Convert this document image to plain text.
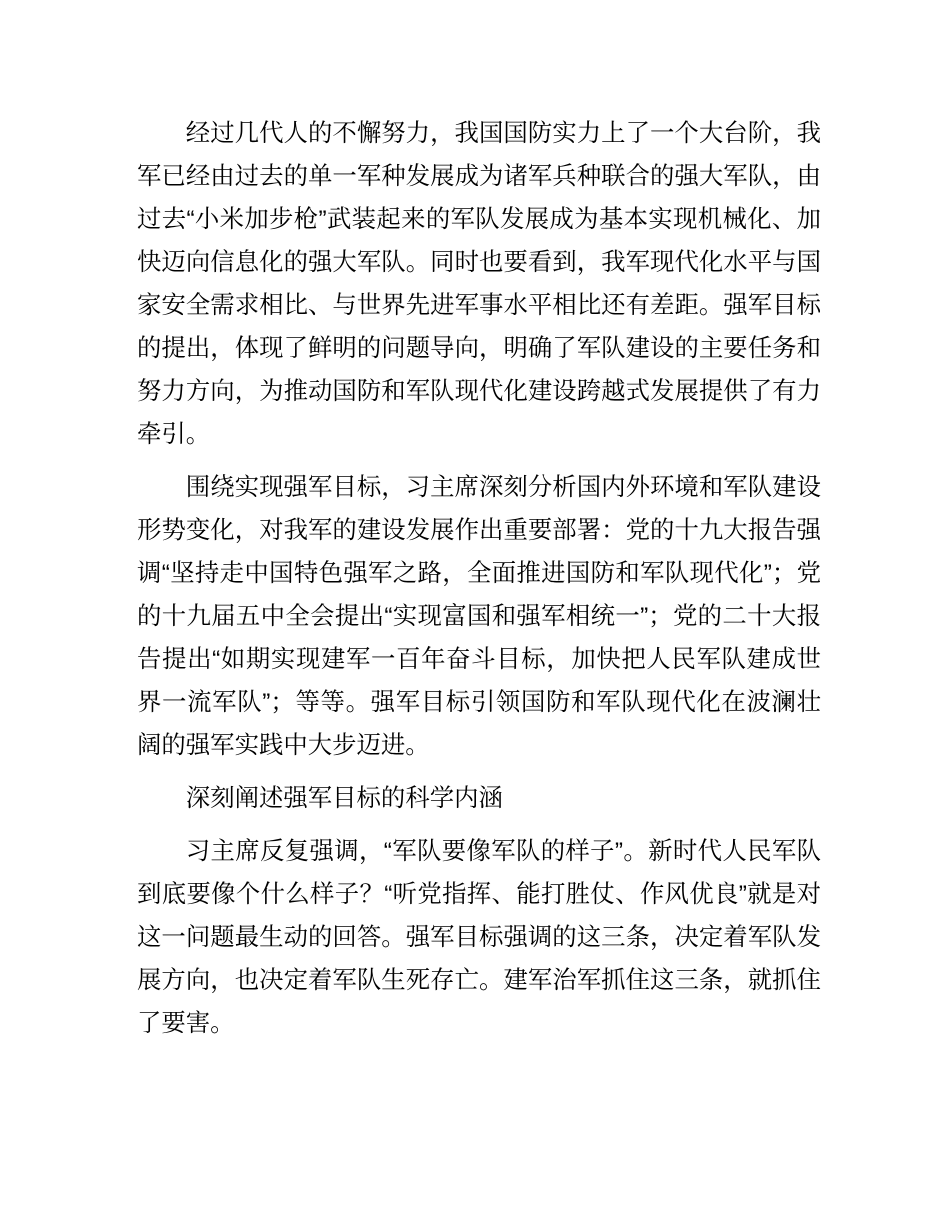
经过几代人的不懈努力，我国国防实力上了一个大台阶，我军已经由过去的单一军种发展成为诸军兵种联合的强大军队，由过去“小米加步枪”武装起来的军队发展成为基本实现机械化、加快迈向信息化的强大军队。同时也要看到，我军现代化水平与国家安全需求相比、与世界先进军事水平相比还有差距。强军目标的提出，体现了鲜明的问题导向，明确了军队建设的主要任务和努力方向，为推动国防和军队现代化建设跨越式发展提供了有力牵引。

围绕实现强军目标，习主席深刻分析国内外环境和军队建设形势变化，对我军的建设发展作出重要部署：党的十九大报告强调“坚持走中国特色强军之路，全面推进国防和军队现代化”；党的十九届五中全会提出“实现富国和强军相统一”；党的二十大报告提出“如期实现建军一百年奋斗目标，加快把人民军队建成世界一流军队”；等等。强军目标引领国防和军队现代化在波澜壮阔的强军实践中大步迈进。

深刻阐述强军目标的科学内涵

习主席反复强调，“军队要像军队的样子”。新时代人民军队到底要像个什么样子？“听党指挥、能打胜仗、作风优良”就是对这一问题最生动的回答。强军目标强调的这三条，决定着军队发展方向，也决定着军队生死存亡。建军治军抓住这三条，就抓住了要害。
